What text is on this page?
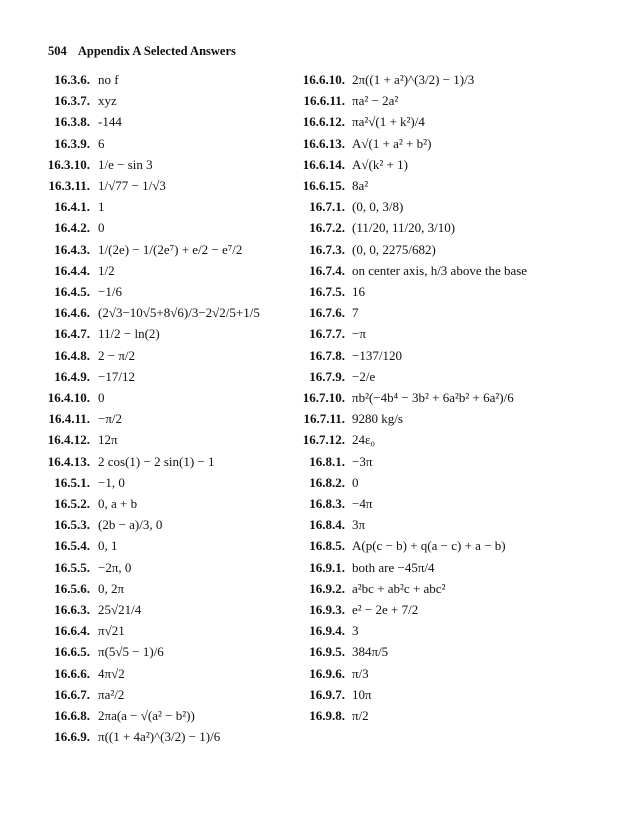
504 Appendix A Selected Answers
16.3.6. no f
16.3.7. xyz
16.3.8. -144
16.3.9. 6
16.3.10. 1/e − sin 3
16.3.11. 1/√77 − 1/√3
16.4.1. 1
16.4.2. 0
16.4.3. 1/(2e) − 1/(2e⁷) + e/2 − e⁷/2
16.4.4. 1/2
16.4.5. −1/6
16.4.6. (2√3−10√5+8√6)/3−2√2/5+1/5
16.4.7. 11/2 − ln(2)
16.4.8. 2 − π/2
16.4.9. −17/12
16.4.10. 0
16.4.11. −π/2
16.4.12. 12π
16.4.13. 2 cos(1) − 2 sin(1) − 1
16.5.1. −1, 0
16.5.2. 0, a + b
16.5.3. (2b − a)/3, 0
16.5.4. 0, 1
16.5.5. −2π, 0
16.5.6. 0, 2π
16.6.3. 25√21/4
16.6.4. π√21
16.6.5. π(5√5 − 1)/6
16.6.6. 4π√2
16.6.7. πa²/2
16.6.8. 2πa(a − √(a² − b²))
16.6.9. π((1 + 4a²)^(3/2) − 1)/6
16.6.10. 2π((1 + a²)^(3/2) − 1)/3
16.6.11. πa² − 2a²
16.6.12. πa²√(1 + k²)/4
16.6.13. A√(1 + a² + b²)
16.6.14. A√(k² + 1)
16.6.15. 8a²
16.7.1. (0, 0, 3/8)
16.7.2. (11/20, 11/20, 3/10)
16.7.3. (0, 0, 2275/682)
16.7.4. on center axis, h/3 above the base
16.7.5. 16
16.7.6. 7
16.7.7. −π
16.7.8. −137/120
16.7.9. −2/e
16.7.10. πb²(−4b⁴ − 3b² + 6a²b² + 6a²)/6
16.7.11. 9280 kg/s
16.7.12. 24ε₀
16.8.1. −3π
16.8.2. 0
16.8.3. −4π
16.8.4. 3π
16.8.5. A(p(c − b) + q(a − c) + a − b)
16.9.1. both are −45π/4
16.9.2. a²bc + ab²c + abc²
16.9.3. e² − 2e + 7/2
16.9.4. 3
16.9.5. 384π/5
16.9.6. π/3
16.9.7. 10π
16.9.8. π/2
